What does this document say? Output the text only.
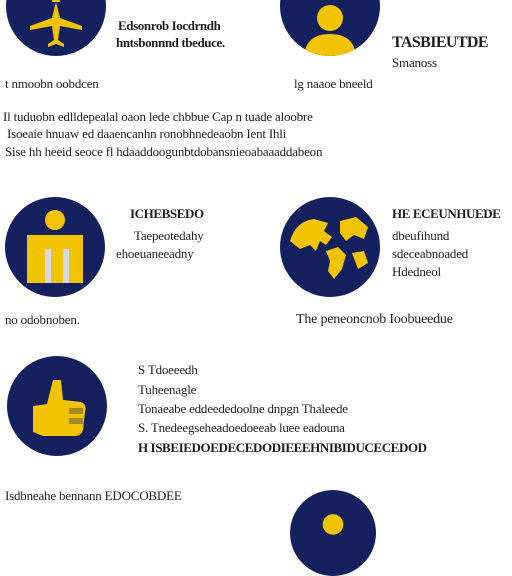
Edsonrob Iocdrndh
hntsbonnnd tbeduce.	TASBIEUTDE
Smanoss
t nmoobn oobdcen	lg naaoe bneeld
Il tuduobn edlldepealal oaon lede chbbue Cap n tuade aloobre
Isoeaie hnuaw ed daaencanhn ronobhnedeaobn Ient Ihli
Sise hh heeid seoce fl hdaaddoogunbtdobansnieoabaaaddabeon
ICHEBSEDO
Taepeotedahy
ehoeuaneeadny
HE ECEUNHUEDE
dbeufihund
sdeceabnoaded
Hdedneol
no odobnoben.	The peneoncnob Ioobueedue
S Tdoeeedh
Tuheenagle
Tonaeabe eddeededoolne dnpgn Thaleede
S. Tnedeegseheadoedoeeab luee eadouna
H ISBEIEDOEDECEDODIEEEHNIBIDUCECEDOD
Isdbneahe bennann EDOCOBDEE
